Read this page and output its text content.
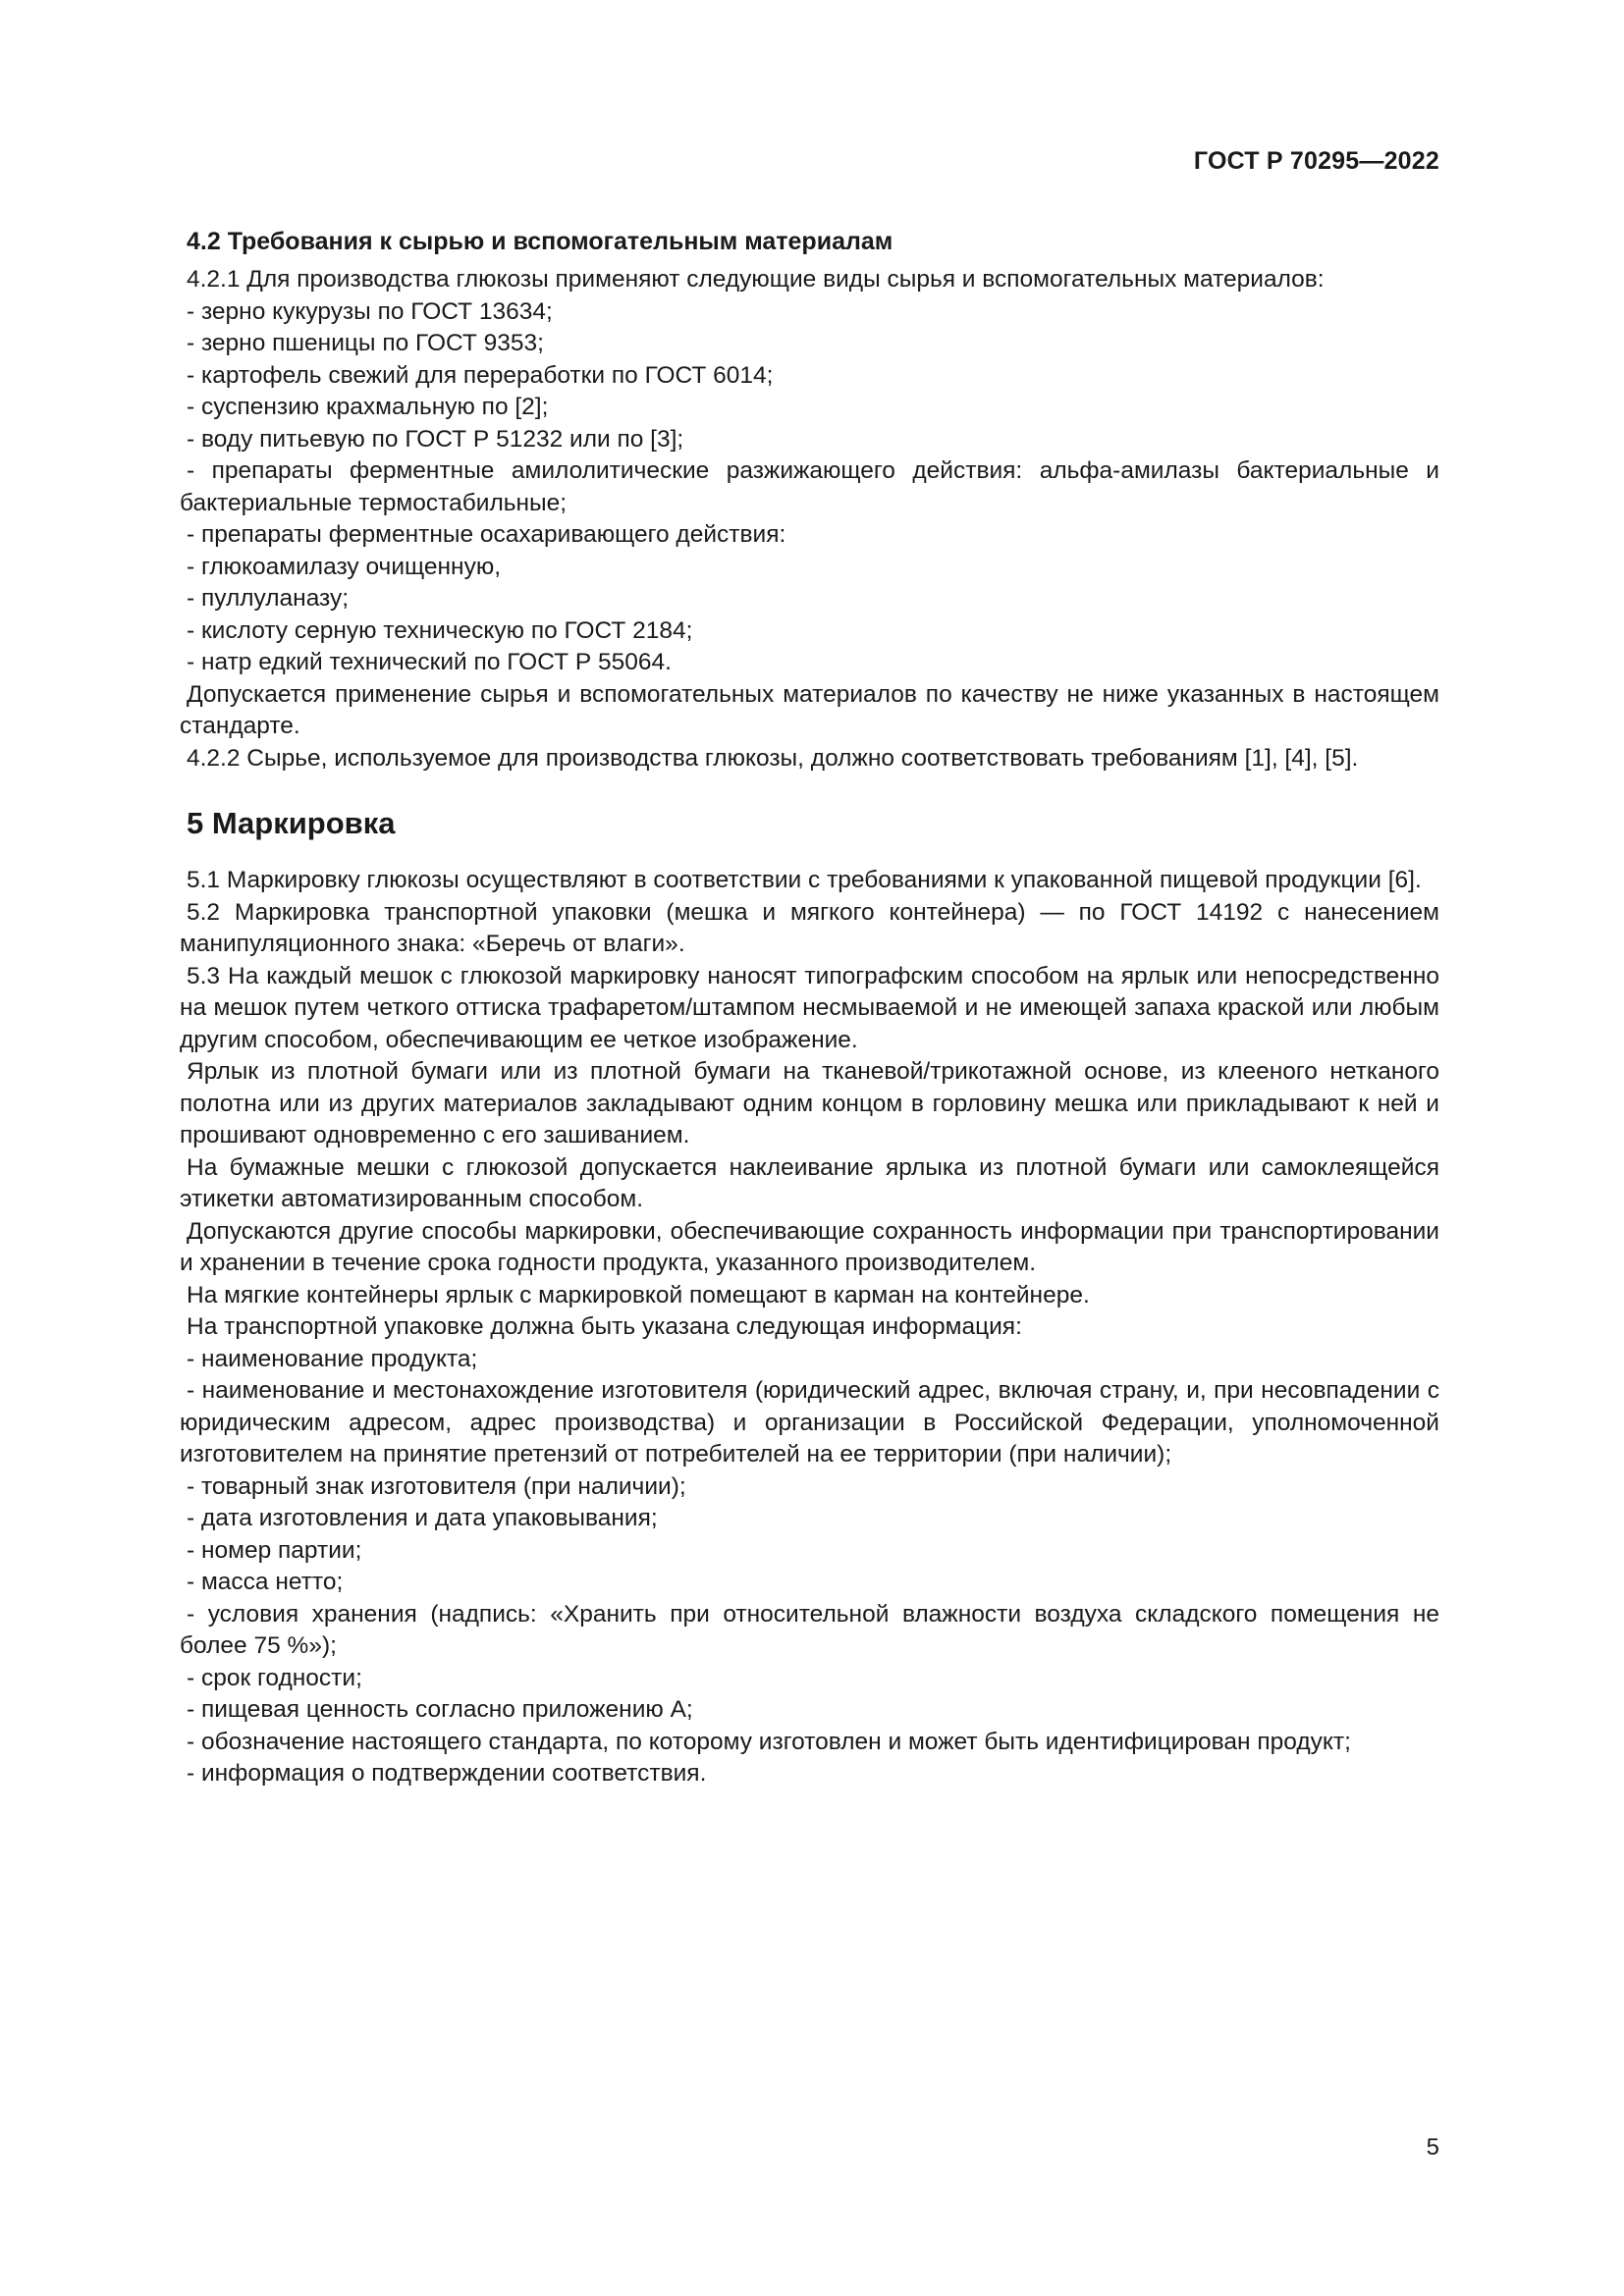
ГОСТ Р 70295—2022
4.2 Требования к сырью и вспомогательным материалам

4.2.1 Для производства глюкозы применяют следующие виды сырья и вспомогательных материалов:

- зерно кукурузы по ГОСТ 13634;
- зерно пшеницы по ГОСТ 9353;
- картофель свежий для переработки по ГОСТ 6014;
- суспензию крахмальную по [2];
- воду питьевую по ГОСТ Р 51232 или по [3];
- препараты ферментные амилолитические разжижающего действия: альфа-амилазы бактериальные и бактериальные термостабильные;
- препараты ферментные осахаривающего действия:
- глюкоамилазу очищенную,
- пуллуланазу;
- кислоту серную техническую по ГОСТ 2184;
- натр едкий технический по ГОСТ Р 55064.

Допускается применение сырья и вспомогательных материалов по качеству не ниже указанных в настоящем стандарте.

4.2.2 Сырье, используемое для производства глюкозы, должно соответствовать требованиям [1], [4], [5].

5 Маркировка

5.1 Маркировку глюкозы осуществляют в соответствии с требованиями к упакованной пищевой продукции [6].

5.2 Маркировка транспортной упаковки (мешка и мягкого контейнера) — по ГОСТ 14192 с нанесением манипуляционного знака: «Беречь от влаги».

5.3 На каждый мешок с глюкозой маркировку наносят типографским способом на ярлык или непосредственно на мешок путем четкого оттиска трафаретом/штампом несмываемой и не имеющей запаха краской или любым другим способом, обеспечивающим ее четкое изображение.

Ярлык из плотной бумаги или из плотной бумаги на тканевой/трикотажной основе, из клееного нетканого полотна или из других материалов закладывают одним концом в горловину мешка или прикладывают к ней и прошивают одновременно с его зашиванием.

На бумажные мешки с глюкозой допускается наклеивание ярлыка из плотной бумаги или самоклеящейся этикетки автоматизированным способом.

Допускаются другие способы маркировки, обеспечивающие сохранность информации при транспортировании и хранении в течение срока годности продукта, указанного производителем.

На мягкие контейнеры ярлык с маркировкой помещают в карман на контейнере.

На транспортной упаковке должна быть указана следующая информация:

- наименование продукта;
- наименование и местонахождение изготовителя (юридический адрес, включая страну, и, при несовпадении с юридическим адресом, адрес производства) и организации в Российской Федерации, уполномоченной изготовителем на принятие претензий от потребителей на ее территории (при наличии);
- товарный знак изготовителя (при наличии);
- дата изготовления и дата упаковывания;
- номер партии;
- масса нетто;
- условия хранения (надпись: «Хранить при относительной влажности воздуха складского помещения не более 75 %»);
- срок годности;
- пищевая ценность согласно приложению А;
- обозначение настоящего стандарта, по которому изготовлен и может быть идентифицирован продукт;
- информация о подтверждении соответствия.
5
